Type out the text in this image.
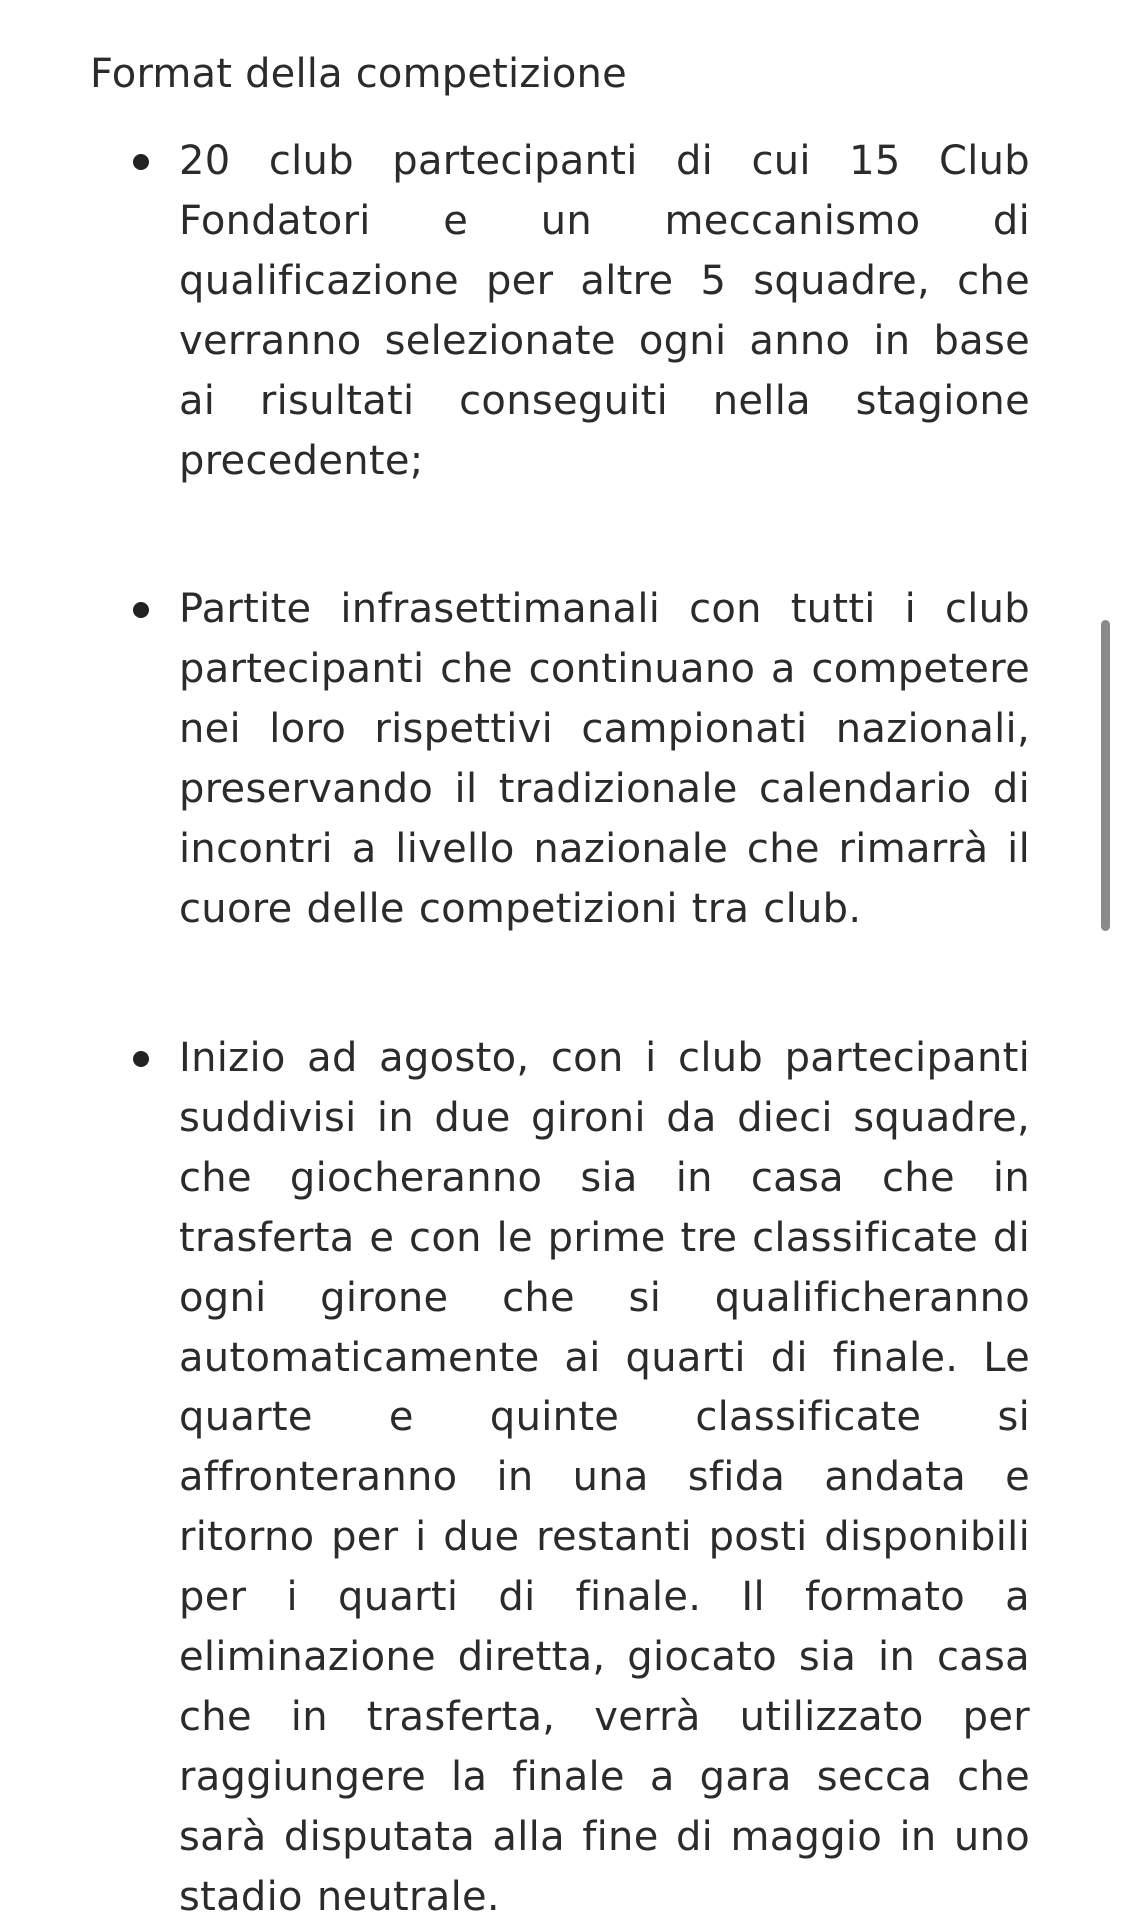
Format della competizione

20 club partecipanti di cui 15 Club Fondatori e un meccanismo di qualificazione per altre 5 squadre, che verranno selezionate ogni anno in base ai risultati conseguiti nella stagione precedente;

Partite infrasettimanali con tutti i club partecipanti che continuano a competere nei loro rispettivi campionati nazionali, preservando il tradizionale calendario di incontri a livello nazionale che rimarrà il cuore delle competizioni tra club.

Inizio ad agosto, con i club partecipanti suddivisi in due gironi da dieci squadre, che giocheranno sia in casa che in trasferta e con le prime tre classificate di ogni girone che si qualificheranno automaticamente ai quarti di finale. Le quarte e quinte classificate si affronteranno in una sfida andata e ritorno per i due restanti posti disponibili per i quarti di finale. Il formato a eliminazione diretta, giocato sia in casa che in trasferta, verrà utilizzato per raggiungere la finale a gara secca che sarà disputata alla fine di maggio in uno stadio neutrale.
